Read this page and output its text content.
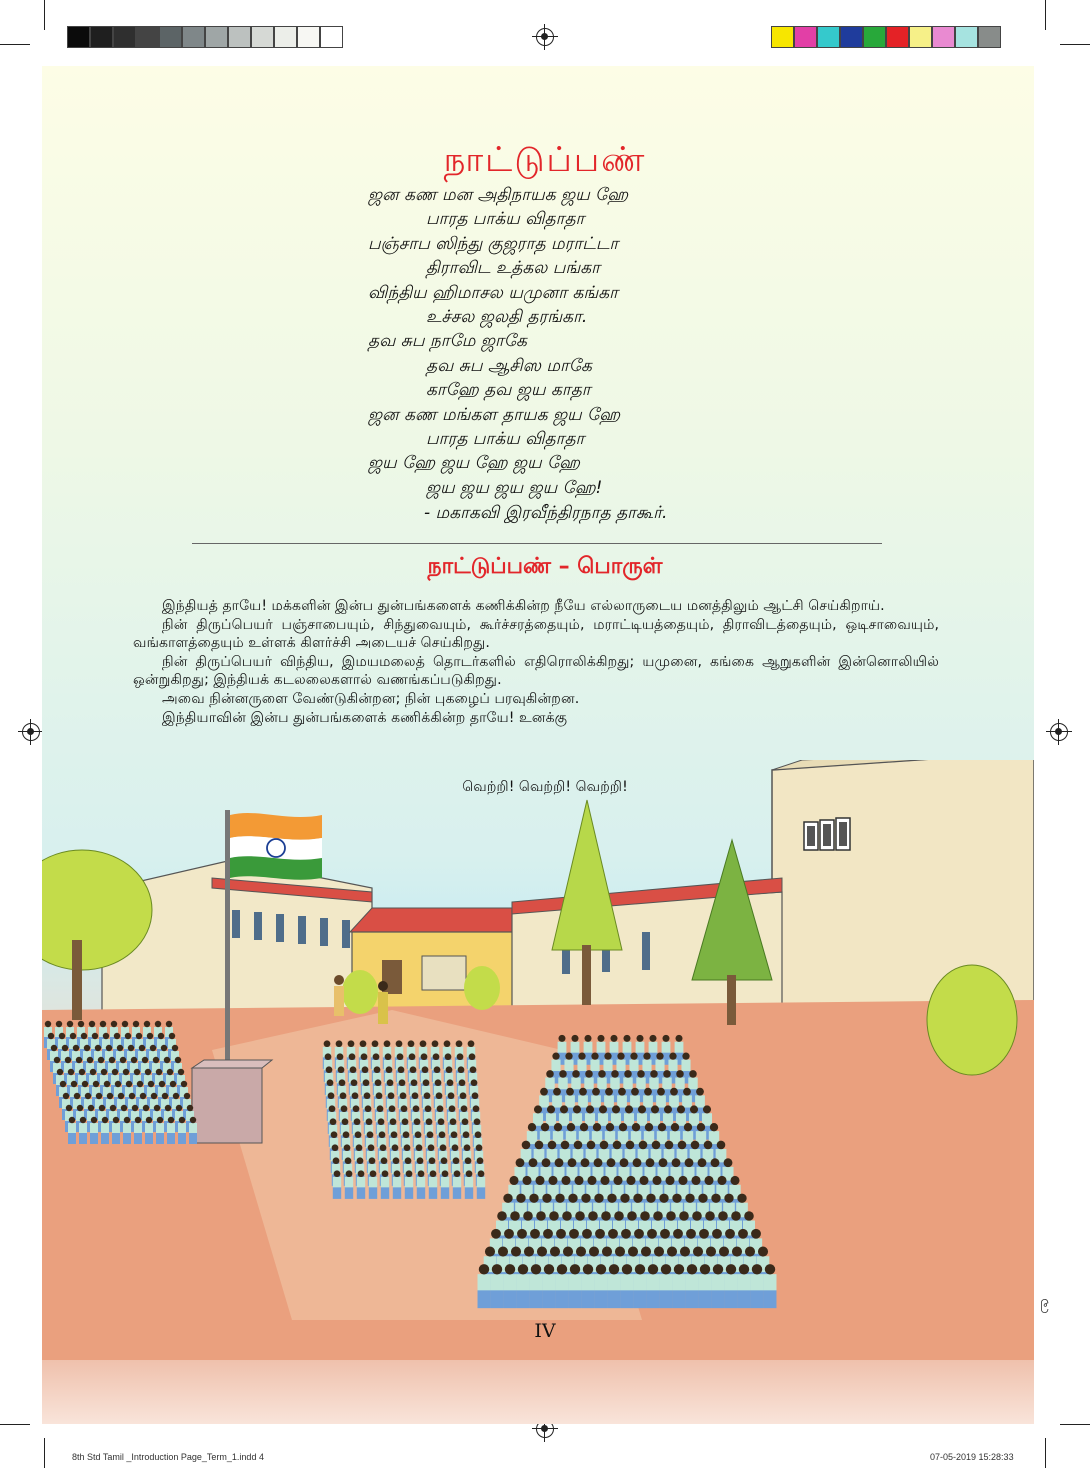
நாட்டுப்பண்
ஜன கண மன அதிநாயக ஜய ஹே
பாரத பாக்ய விதாதா
பஞ்சாப ஸிந்து குஜராத மராட்டா
திராவிட உத்கல பங்கா
விந்திய ஹிமாசல யமுனா கங்கா
உச்சல ஜலதி தரங்கா.
தவ சுப நாமே ஜாகே
தவ சுப ஆசிஸ மாகே
காஹே தவ ஜய காதா
ஜன கண மங்கள தாயக ஜய ஹே
பாரத பாக்ய விதாதா
ஜய ஹே ஜய ஹே ஜய ஹே
ஜய ஜய ஜய ஜய ஹே!
- மகாகவி இரவீந்திரநாத தாகூர்.
நாட்டுப்பண் – பொருள்

இந்தியத் தாயே! மக்களின் இன்ப துன்பங்களைக் கணிக்கின்ற நீயே எல்லாருடைய மனத்திலும் ஆட்சி செய்கிறாய்.

நின் திருப்பெயர் பஞ்சாபையும், சிந்துவையும், கூர்ச்சரத்தையும், மராட்டியத்தையும், திராவிடத்தையும், ஒடிசாவையும், வங்காளத்தையும் உள்ளக் கிளர்ச்சி அடையச் செய்கிறது.

நின் திருப்பெயர் விந்திய, இமயமலைத் தொடர்களில் எதிரொலிக்கிறது; யமுனை, கங்கை ஆறுகளின் இன்னொலியில் ஒன்றுகிறது; இந்தியக் கடலலைகளால் வணங்கப்படுகிறது.

அவை நின்னருளை வேண்டுகின்றன; நின் புகழைப் பரவுகின்றன.

இந்தியாவின் இன்ப துன்பங்களைக் கணிக்கின்ற தாயே! உனக்கு

வெற்றி! வெற்றி! வெற்றி!
IV
၉
8th Std Tamil _Introduction Page_Term_1.indd 4	07-05-2019 15:28:33
